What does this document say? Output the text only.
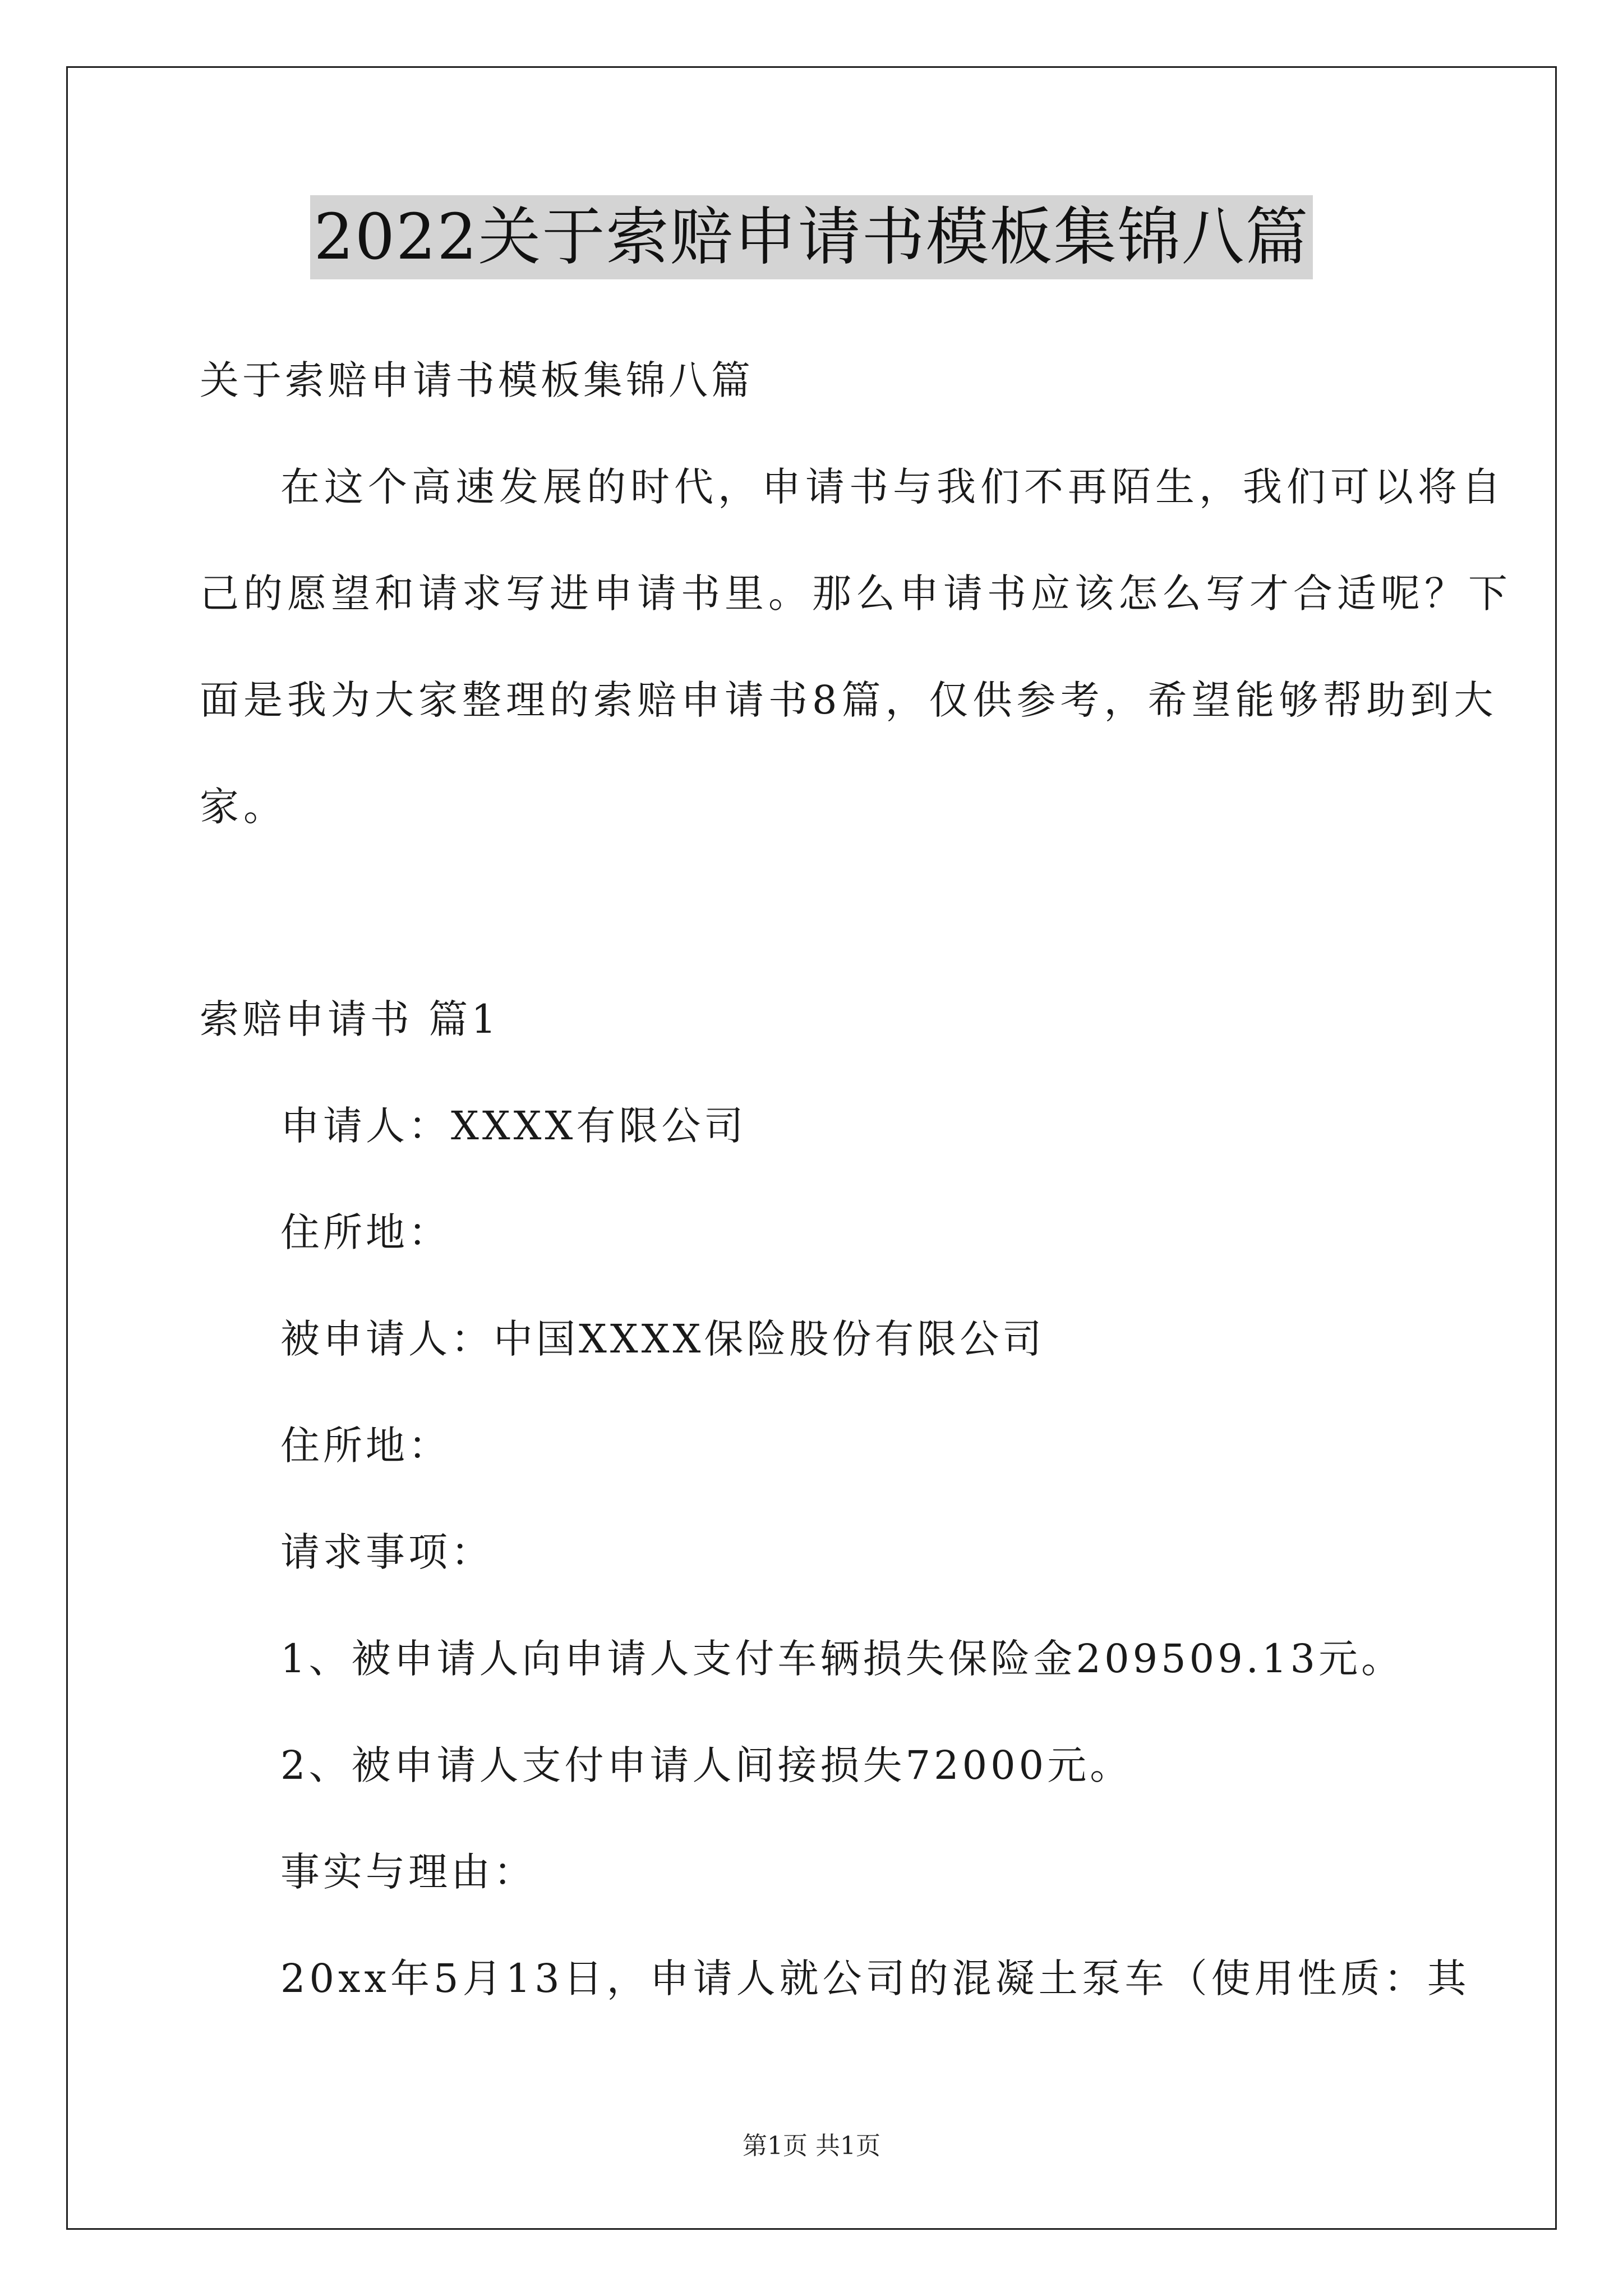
2022关于索赔申请书模板集锦八篇
关于索赔申请书模板集锦八篇
在这个高速发展的时代，申请书与我们不再陌生，我们可以将自
己的愿望和请求写进申请书里。那么申请书应该怎么写才合适呢？下
面是我为大家整理的索赔申请书8篇，仅供参考，希望能够帮助到大
家。
索赔申请书 篇1
申请人：XXXX有限公司
住所地：
被申请人：中国XXXX保险股份有限公司
住所地：
请求事项：
1、被申请人向申请人支付车辆损失保险金209509.13元。
2、被申请人支付申请人间接损失72000元。
事实与理由：
20xx年5月13日，申请人就公司的混凝土泵车（使用性质：其
第1页 共1页
